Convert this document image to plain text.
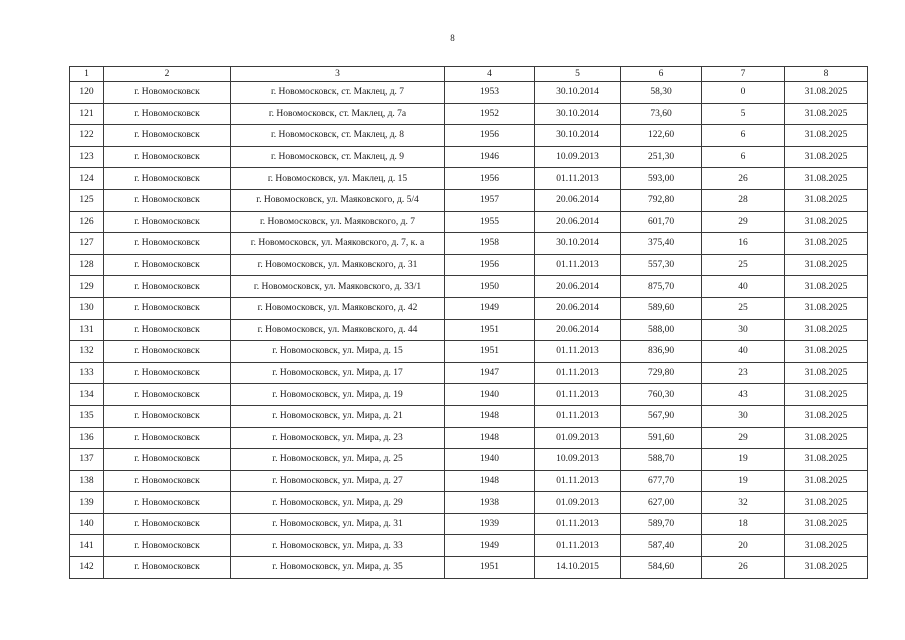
8
1	2	3	4	5	6	7	8
120	г. Новомосковск	г. Новомосковск, ст. Маклец, д. 7	1953	30.10.2014	58,30	0	31.08.2025
121	г. Новомосковск	г. Новомосковск, ст. Маклец, д. 7а	1952	30.10.2014	73,60	5	31.08.2025
122	г. Новомосковск	г. Новомосковск, ст. Маклец, д. 8	1956	30.10.2014	122,60	6	31.08.2025
123	г. Новомосковск	г. Новомосковск, ст. Маклец, д. 9	1946	10.09.2013	251,30	6	31.08.2025
124	г. Новомосковск	г. Новомосковск, ул. Маклец, д. 15	1956	01.11.2013	593,00	26	31.08.2025
125	г. Новомосковск	г. Новомосковск, ул. Маяковского, д. 5/4	1957	20.06.2014	792,80	28	31.08.2025
126	г. Новомосковск	г. Новомосковск, ул. Маяковского, д. 7	1955	20.06.2014	601,70	29	31.08.2025
127	г. Новомосковск	г. Новомосковск, ул. Маяковского, д. 7, к. а	1958	30.10.2014	375,40	16	31.08.2025
128	г. Новомосковск	г. Новомосковск, ул. Маяковского, д. 31	1956	01.11.2013	557,30	25	31.08.2025
129	г. Новомосковск	г. Новомосковск, ул. Маяковского, д. 33/1	1950	20.06.2014	875,70	40	31.08.2025
130	г. Новомосковск	г. Новомосковск, ул. Маяковского, д. 42	1949	20.06.2014	589,60	25	31.08.2025
131	г. Новомосковск	г. Новомосковск, ул. Маяковского, д. 44	1951	20.06.2014	588,00	30	31.08.2025
132	г. Новомосковск	г. Новомосковск, ул. Мира, д. 15	1951	01.11.2013	836,90	40	31.08.2025
133	г. Новомосковск	г. Новомосковск, ул. Мира, д. 17	1947	01.11.2013	729,80	23	31.08.2025
134	г. Новомосковск	г. Новомосковск, ул. Мира, д. 19	1940	01.11.2013	760,30	43	31.08.2025
135	г. Новомосковск	г. Новомосковск, ул. Мира, д. 21	1948	01.11.2013	567,90	30	31.08.2025
136	г. Новомосковск	г. Новомосковск, ул. Мира, д. 23	1948	01.09.2013	591,60	29	31.08.2025
137	г. Новомосковск	г. Новомосковск, ул. Мира, д. 25	1940	10.09.2013	588,70	19	31.08.2025
138	г. Новомосковск	г. Новомосковск, ул. Мира, д. 27	1948	01.11.2013	677,70	19	31.08.2025
139	г. Новомосковск	г. Новомосковск, ул. Мира, д. 29	1938	01.09.2013	627,00	32	31.08.2025
140	г. Новомосковск	г. Новомосковск, ул. Мира, д. 31	1939	01.11.2013	589,70	18	31.08.2025
141	г. Новомосковск	г. Новомосковск, ул. Мира, д. 33	1949	01.11.2013	587,40	20	31.08.2025
142	г. Новомосковск	г. Новомосковск, ул. Мира, д. 35	1951	14.10.2015	584,60	26	31.08.2025
